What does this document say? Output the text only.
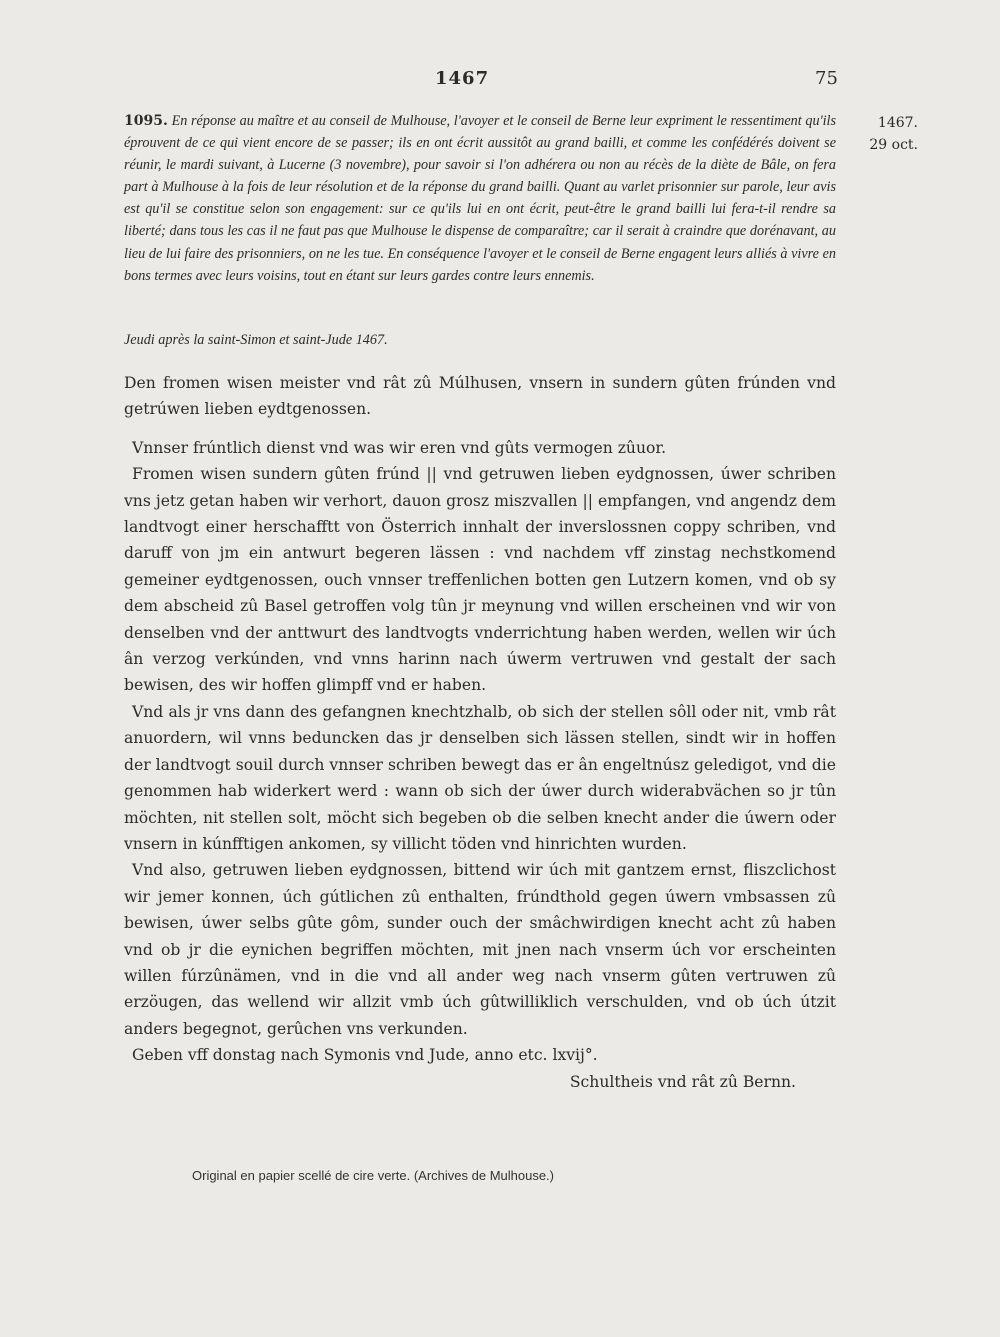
1467	75
1467.
29 oct.

1095. En réponse au maître et au conseil de Mulhouse, l'avoyer et le conseil de Berne leur expriment le ressentiment qu'ils éprouvent de ce qui vient encore de se passer; ils en ont écrit aussitôt au grand bailli, et comme les confédérés doivent se réunir, le mardi suivant, à Lucerne (3 novembre), pour savoir si l'on adhérera ou non au récès de la diète de Bâle, on fera part à Mulhouse à la fois de leur résolution et de la réponse du grand bailli. Quant au varlet prisonnier sur parole, leur avis est qu'il se constitue selon son engagement: sur ce qu'ils lui en ont écrit, peut-être le grand bailli lui fera-t-il rendre sa liberté; dans tous les cas il ne faut pas que Mulhouse le dispense de comparaître; car il serait à craindre que dorénavant, au lieu de lui faire des prisonniers, on ne les tue. En conséquence l'avoyer et le conseil de Berne engagent leurs alliés à vivre en bons termes avec leurs voisins, tout en étant sur leurs gardes contre leurs ennemis.

Jeudi après la saint-Simon et saint-Jude 1467.

Den fromen wisen meister vnd rât zû Múlhusen, vnsern in sundern gûten frúnden vnd getrúwen lieben eydtgenossen.

Vnnser frúntlich dienst vnd was wir eren vnd gûts vermogen zûuor.

Fromen wisen sundern gûten frúnd || vnd getruwen lieben eydgnossen, úwer schriben vns jetz getan haben wir verhort, dauon grosz miszvallen || empfangen, vnd angendz dem landtvogt einer herschafftt von Österrich innhalt der inverslossnen coppy schriben, vnd daruff von jm ein antwurt begeren lässen : vnd nachdem vff zinstag nechstkomend gemeiner eydtgenossen, ouch vnnser treffenlichen botten gen Lutzern komen, vnd ob sy dem abscheid zû Basel getroffen volg tûn jr meynung vnd willen erscheinen vnd wir von denselben vnd der anttwurt des landtvogts vnderrichtung haben werden, wellen wir úch ân verzog verkúnden, vnd vnns harinn nach úwerm vertruwen vnd gestalt der sach bewisen, des wir hoffen glimpff vnd er haben.

Vnd als jr vns dann des gefangnen knechtzhalb, ob sich der stellen sôll oder nit, vmb rât anuordern, wil vnns beduncken das jr denselben sich lässen stellen, sindt wir in hoffen der landtvogt souil durch vnnser schriben bewegt das er ân engeltnúsz geledigot, vnd die genommen hab widerkert werd : wann ob sich der úwer durch widerabvächen so jr tûn möchten, nit stellen solt, möcht sich begeben ob die selben knecht ander die úwern oder vnsern in kúnfftigen ankomen, sy villicht töden vnd hinrichten wurden.

Vnd also, getruwen lieben eydgnossen, bittend wir úch mit gantzem ernst, fliszclichost wir jemer konnen, úch gútlichen zû enthalten, frúndthold gegen úwern vmbsassen zû bewisen, úwer selbs gûte gôm, sunder ouch der smâchwirdigen knecht acht zû haben vnd ob jr die eynichen begriffen möchten, mit jnen nach vnserm úch vor erscheinten willen fúrzûnämen, vnd in die vnd all ander weg nach vnserm gûten vertruwen zû erzöugen, das wellend wir allzit vmb úch gûtwilliklich verschulden, vnd ob úch útzit anders begegnot, gerûchen vns verkunden.

Geben vff donstag nach Symonis vnd Jude, anno etc. lxvij°.

Schultheis vnd rât zû Bernn.

Original en papier scellé de cire verte. (Archives de Mulhouse.)
